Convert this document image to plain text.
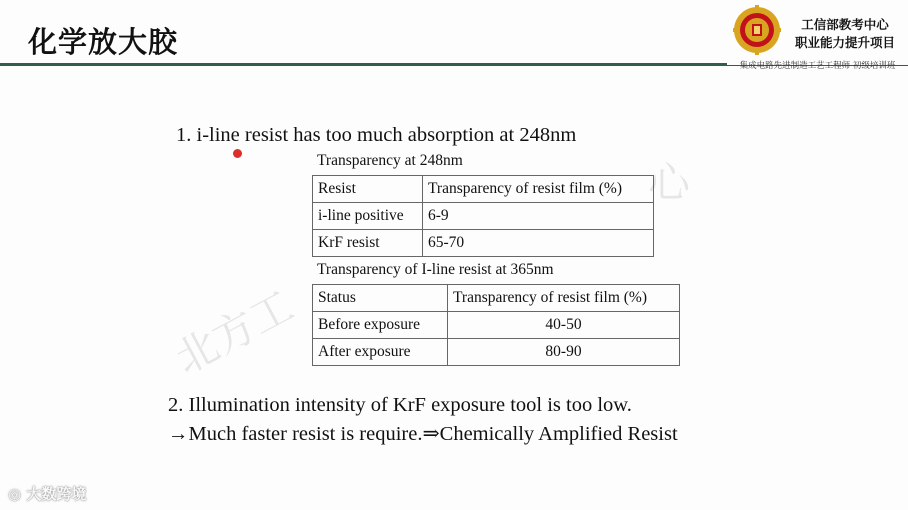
化学放大胶
工信部教考中心
职业能力提升项目
集成电路先进制造工艺工程师 初级培训班
北方工
心
1. i-line resist has too much absorption at 248nm
Transparency at 248nm
Resist	Transparency of resist film (%)
i-line positive	6-9
KrF resist	65-70
Transparency of I-line resist at 365nm
Status	Transparency of resist film (%)
Before exposure	40-50
After exposure	80-90
2. Illumination intensity of KrF exposure tool is too low.
→Much faster resist is require.⇒Chemically Amplified Resist
◎ 大数跨境
